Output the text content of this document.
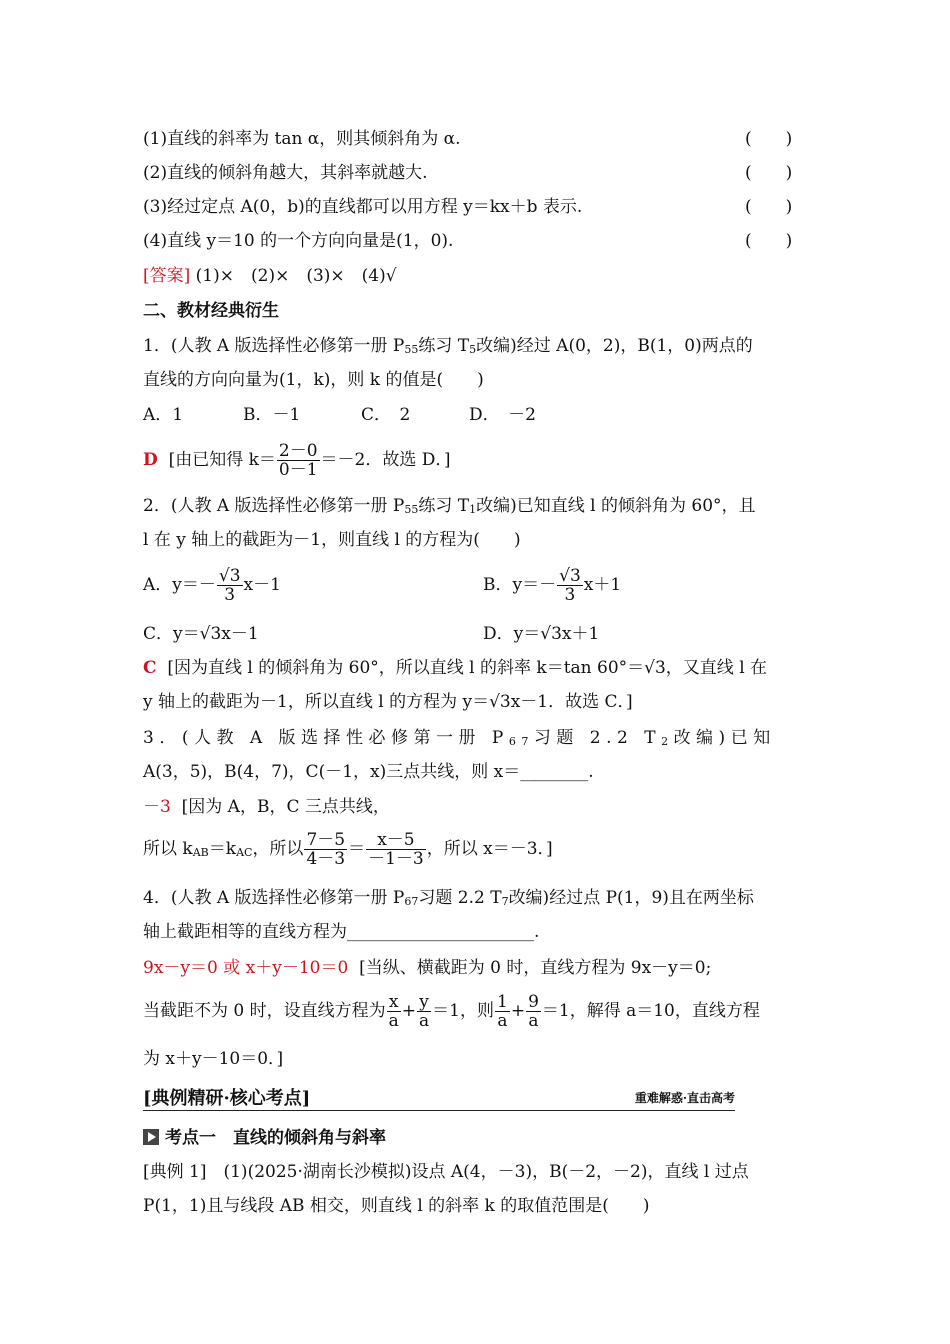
(1)直线的斜率为 tan α，则其倾斜角为 α.	(　　)
(2)直线的倾斜角越大，其斜率就越大.	(　　)
(3)经过定点 A(0，b)的直线都可以用方程 y＝kx＋b 表示.	(　　)
(4)直线 y＝10 的一个方向向量是(1，0).	(　　)
[答案] (1)×　(2)×　(3)×　(4)√
二、教材经典衍生
1．(人教 A 版选择性必修第一册 $P_{55}$练习 $T_5$改编)经过 A(0，2)，B(1，0)两点的
直线的方向向量为(1，k)，则 k 的值是(　　)
A．1	B．－1	C．　2	D．　－2
D [由已知得 $k= \frac{2-0}{0-1} =-2$．故选 D．]
2．(人教 A 版选择性必修第一册 $P_{55}$练习 $T_1$改编)已知直线 l 的倾斜角为 60°，且
l 在 y 轴上的截距为－1，则直线 l 的方程为(　　)
A．$y=- \frac{√3}{3} x-1$	B．$y=- \frac{√3}{3} x+1$
C．y＝√3x－1	D．y＝√3x＋1
C [因为直线 l 的倾斜角为 60°，所以直线 l 的斜率 k＝tan 60°＝√3，又直线 l 在
y 轴上的截距为－1，所以直线 l 的方程为 y＝√3x－1．故选 C．]
3．(人教 A 版选择性必修第一册 $P_{67}$习题 2.2 $T_2$改编)已知
A(3，5)，B(4，7)，C(－1，x)三点共线，则 x＝________.
－3 [因为 A，B，C 三点共线，
所以 $k_{AB}=k_{AC}$，所以 $\frac{7-5}{4-3} = \frac{x-5}{-1-3}$ ，所以 x＝－3．]
4．(人教 A 版选择性必修第一册 $P_{67}$习题 2.2 $T_7$改编)经过点 P(1，9)且在两坐标
轴上截距相等的直线方程为______________________.
9x－y＝0 或 x＋y－10＝0 [当纵、横截距为 0 时，直线方程为 9x－y＝0;
当截距不为 0 时，设直线方程为 $\frac{x}{a} + \frac{y}{a} =1$，则 $\frac{1}{a} + \frac{9}{a} =1$，解得 a＝10，直线方程
为 x＋y－10＝0．]
[典例精研·核心考点]	重难解惑·直击高考
考点一　直线的倾斜角与斜率
[典例 1]　(1)(2025·湖南长沙模拟)设点 A(4，－3)，B(－2，－2)，直线 l 过点
P(1，1)且与线段 AB 相交，则直线 l 的斜率 k 的取值范围是(　　)
